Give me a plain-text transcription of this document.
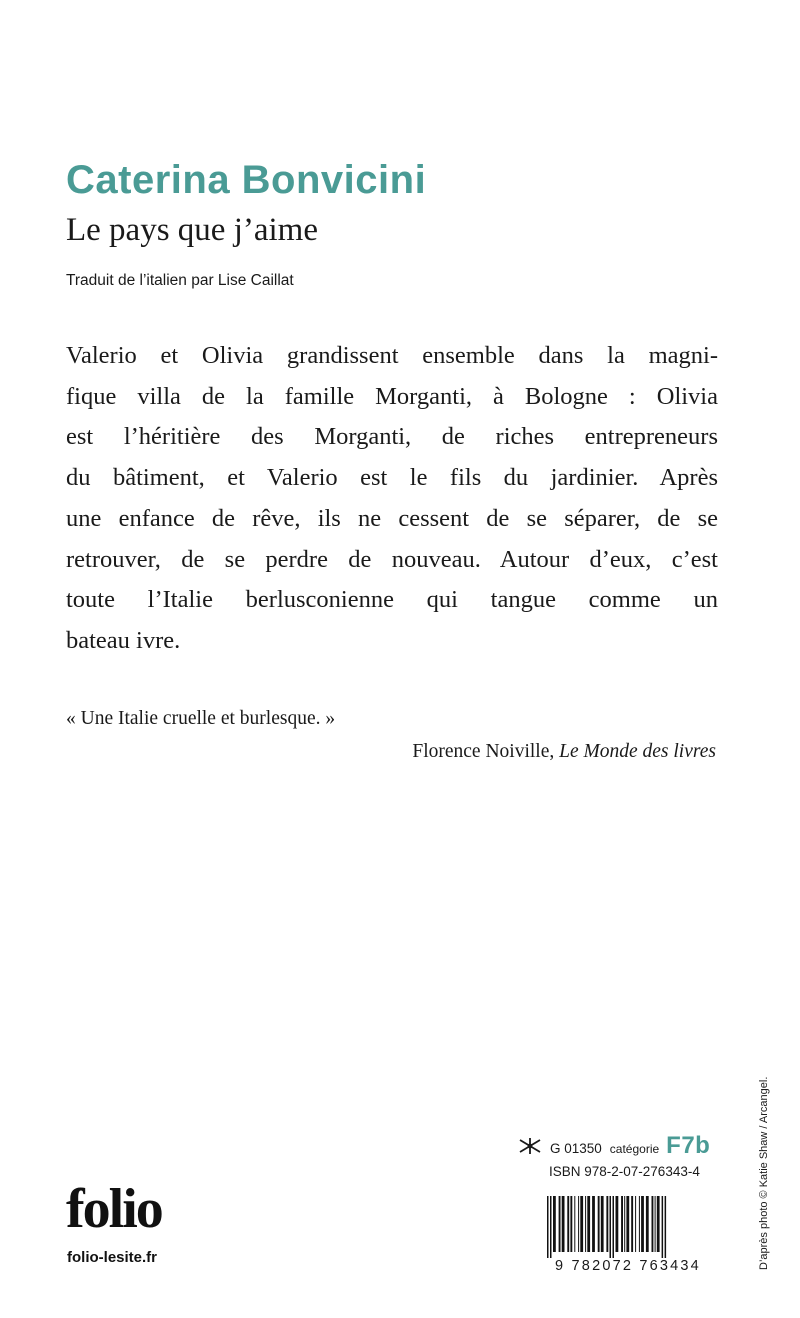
Caterina Bonvicini
Le pays que j’aime
Traduit de l’italien par Lise Caillat
Valerio et Olivia grandissent ensemble dans la magni-
fique villa de la famille Morganti, à Bologne : Olivia
est l’héritière des Morganti, de riches entrepreneurs
du bâtiment, et Valerio est le fils du jardinier. Après
une enfance de rêve, ils ne cessent de se séparer, de se
retrouver, de se perdre de nouveau. Autour d’eux, c’est
toute l’Italie berlusconienne qui tangue comme un
bateau ivre.
« Une Italie cruelle et burlesque. »
Florence Noiville, Le Monde des livres
D’après photo © Katie Shaw / Arcangel.
G 01350 catégorie F7b
ISBN 978-2-07-276343-4
9 782072 763434
folio
folio-lesite.fr
